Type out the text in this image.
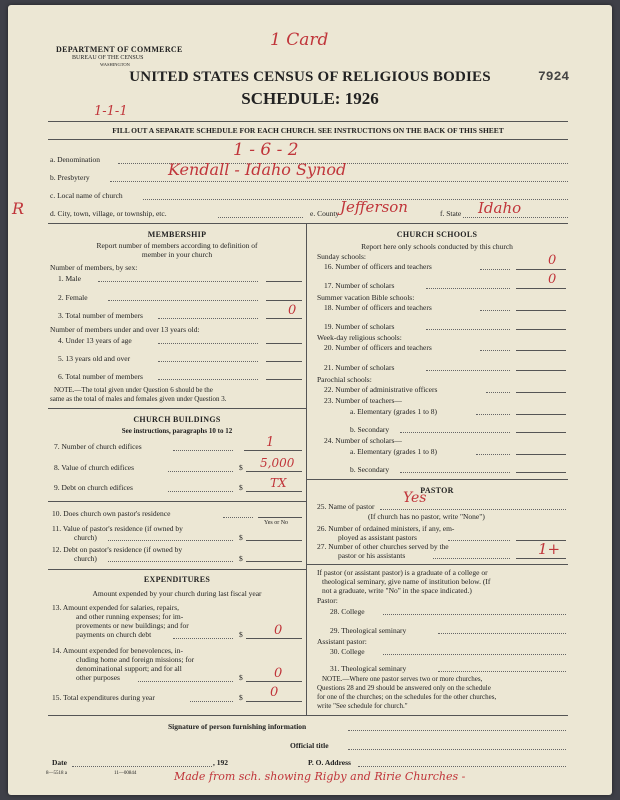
DEPARTMENT OF COMMERCE
BUREAU OF THE CENSUS
WASHINGTON
UNITED STATES CENSUS OF RELIGIOUS BODIES
SCHEDULE: 1926
7924
1 Card
1-1-1
FILL OUT A SEPARATE SCHEDULE FOR EACH CHURCH. SEE INSTRUCTIONS ON THE BACK OF THIS SHEET
a. Denomination	1 - 6 - 2
b. Presbytery	Kendall - Idaho Synod
c. Local name of church
R	d. City, town, village, or township, etc.	e. County Jefferson	f. State Idaho
MEMBERSHIP
Report number of members according to definition of
member in your church
Number of members, by sex:
1. Male
2. Female
3. Total number of members	0
Number of members under and over 13 years old:
4. Under 13 years of age
5. 13 years old and over
6. Total number of members
NOTE.—The total given under Question 6 should be the
same as the total of males and females given under Question 3.
CHURCH BUILDINGS
See instructions, paragraphs 10 to 12
7. Number of church edifices	1
8. Value of church edifices	$ 5,000
9. Debt on church edifices	$ TX
10. Does church own pastor's residence
Yes or No
11. Value of pastor's residence (if owned by
church)	$
12. Debt on pastor's residence (if owned by
church)	$
EXPENDITURES
Amount expended by your church during last fiscal year
13. Amount expended for salaries, repairs,
and other running expenses; for im-
provements or new buildings; and for
payments on church debt	$ 0
14. Amount expended for benevolences, in-
cluding home and foreign missions; for
denominational support; and for all
other purposes	$ 0
15. Total expenditures during year	$ 0
CHURCH SCHOOLS
Report here only schools conducted by this church
Sunday schools:
16. Number of officers and teachers	0
17. Number of scholars	0
Summer vacation Bible schools:
18. Number of officers and teachers
19. Number of scholars
Week-day religious schools:
20. Number of officers and teachers
21. Number of scholars
Parochial schools:
22. Number of administrative officers
23. Number of teachers—
a. Elementary (grades 1 to 8)
b. Secondary
24. Number of scholars—
a. Elementary (grades 1 to 8)
b. Secondary
PASTOR
25. Name of pastor
Yes
(If church has no pastor, write "None")
26. Number of ordained ministers, if any, em-
ployed as assistant pastors
27. Number of other churches served by the
pastor or his assistants	1+
If pastor (or assistant pastor) is a graduate of a college or
theological seminary, give name of institution below. (If
not a graduate, write "No" in the space indicated.)
Pastor:
28. College
29. Theological seminary
Assistant pastor:
30. College
31. Theological seminary
NOTE.—Where one pastor serves two or more churches,
Questions 28 and 29 should be answered only on the schedule
for one of the churches; on the schedules for the other churches,
write "See schedule for church."
Signature of person furnishing information
Official title
Date	, 192	P. O. Address
8—5518 a	11—00844	Made from sch. showing Rigby and Ririe Churches -
